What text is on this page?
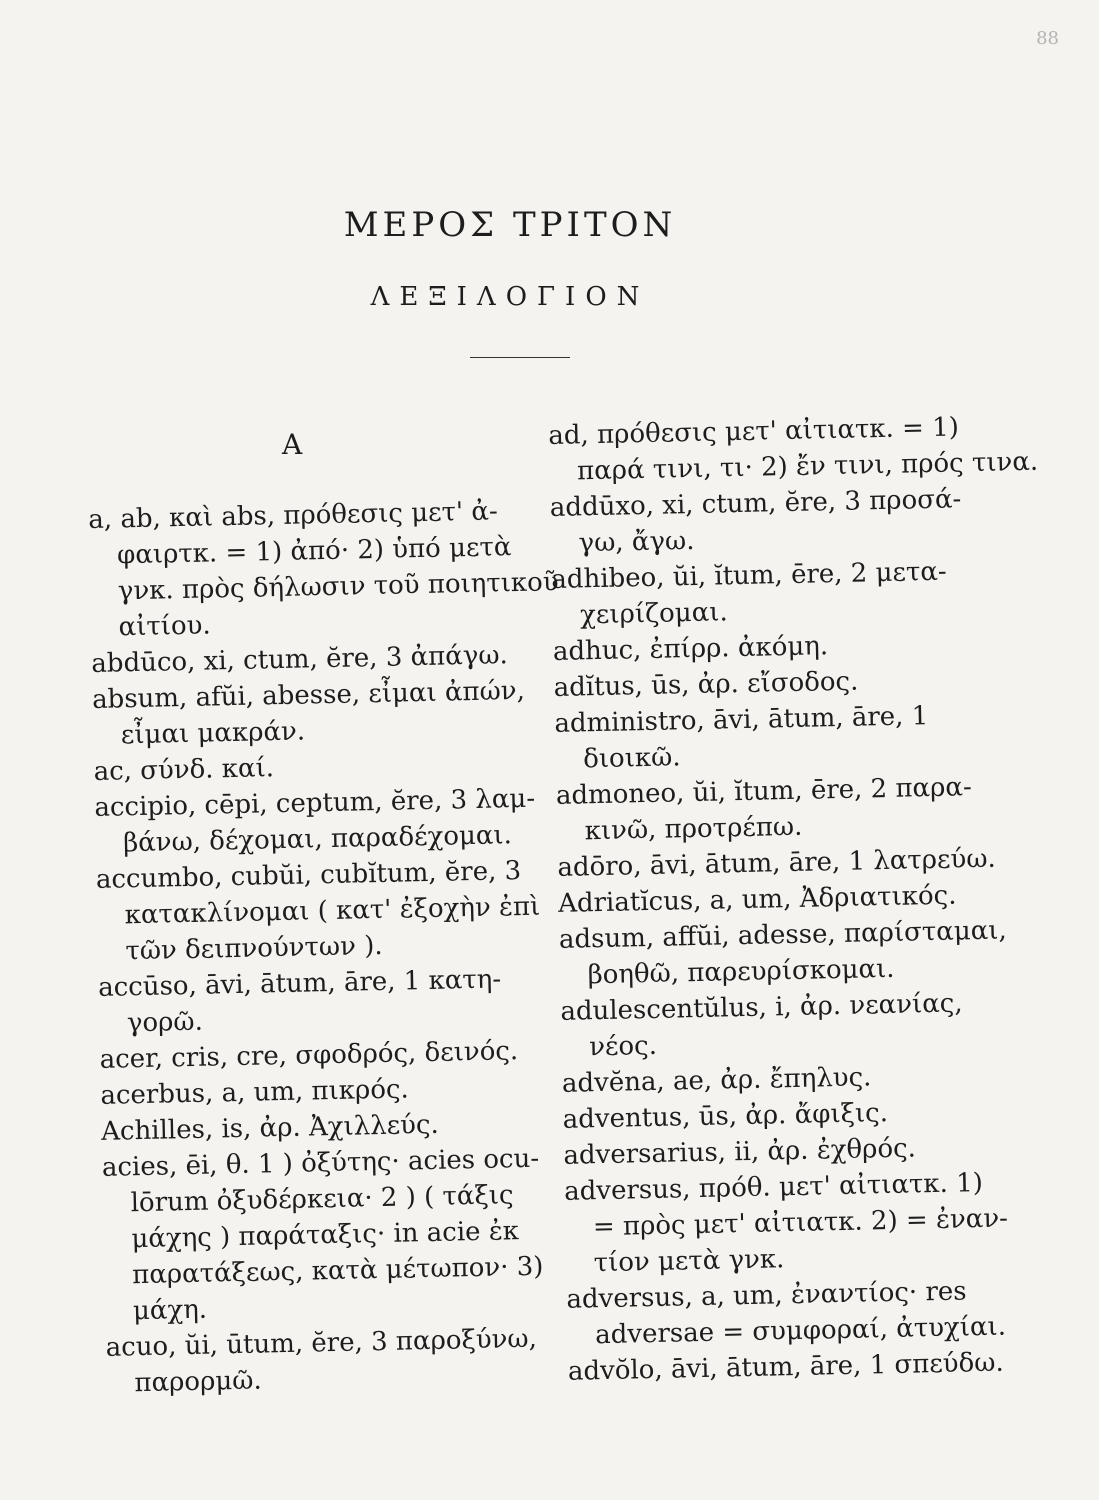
88
ΜΕΡΟΣ ΤΡΙΤΟΝ
ΛΕΞΙΛΟΓΙΟΝ
A
a, ab, καὶ abs, πρόθεσις μετ' ἀ-
φαιρτκ. = 1) ἀπό· 2) ὑπό μετὰ
γνκ. πρὸς δήλωσιν τοῦ ποιητικοῦ
αἰτίου.
abdūco, xi, ctum, ĕre, 3 ἀπάγω.
absum, afŭi, abesse, εἶμαι ἀπών,
εἶμαι μακράν.
ac, σύνδ. καί.
accipio, cēpi, ceptum, ĕre, 3 λαμ-
βάνω, δέχομαι, παραδέχομαι.
accumbo, cubŭi, cubĭtum, ĕre, 3
κατακλίνομαι ( κατ' ἐξοχὴν ἐπὶ
τῶν δειπνούντων ).
accūso, āvi, ātum, āre, 1 κατη-
γορῶ.
acer, cris, cre, σφοδρός, δεινός.
acerbus, a, um, πικρός.
Achilles, is, ἀρ. Ἀχιλλεύς.
acies, ēi, θ. 1 ) ὀξύτης· acies ocu-
lōrum ὀξυδέρκεια· 2 ) ( τάξις
μάχης ) παράταξις· in acie ἐκ
παρατάξεως, κατὰ μέτωπον· 3)
μάχη.
acuo, ŭi, ūtum, ĕre, 3 παροξύνω,
παρορμῶ.
ad, πρόθεσις μετ' αἰτιατκ. = 1)
παρά τινι, τι· 2) ἔν τινι, πρός τινα.
addūxo, xi, ctum, ĕre, 3 προσά-
γω, ἄγω.
adhibeo, ŭi, ĭtum, ēre, 2 μετα-
χειρίζομαι.
adhuc, ἐπίρρ. ἀκόμη.
adĭtus, ūs, ἀρ. εἴσοδος.
administro, āvi, ātum, āre, 1
διοικῶ.
admoneo, ŭi, ĭtum, ēre, 2 παρα-
κινῶ, προτρέπω.
adōro, āvi, ātum, āre, 1 λατρεύω.
Adriatĭcus, a, um, Ἀδριατικός.
adsum, affŭi, adesse, παρίσταμαι,
βοηθῶ, παρευρίσκομαι.
adulescentŭlus, i, ἀρ. νεανίας,
νέος.
advĕna, ae, ἀρ. ἔπηλυς.
adventus, ūs, ἀρ. ἄφιξις.
adversarius, ii, ἀρ. ἐχθρός.
adversus, πρόθ. μετ' αἰτιατκ. 1)
= πρὸς μετ' αἰτιατκ. 2) = ἐναν-
τίον μετὰ γνκ.
adversus, a, um, ἐναντίος· res
adversae = συμφοραί, ἀτυχίαι.
advŏlo, āvi, ātum, āre, 1 σπεύδω.
